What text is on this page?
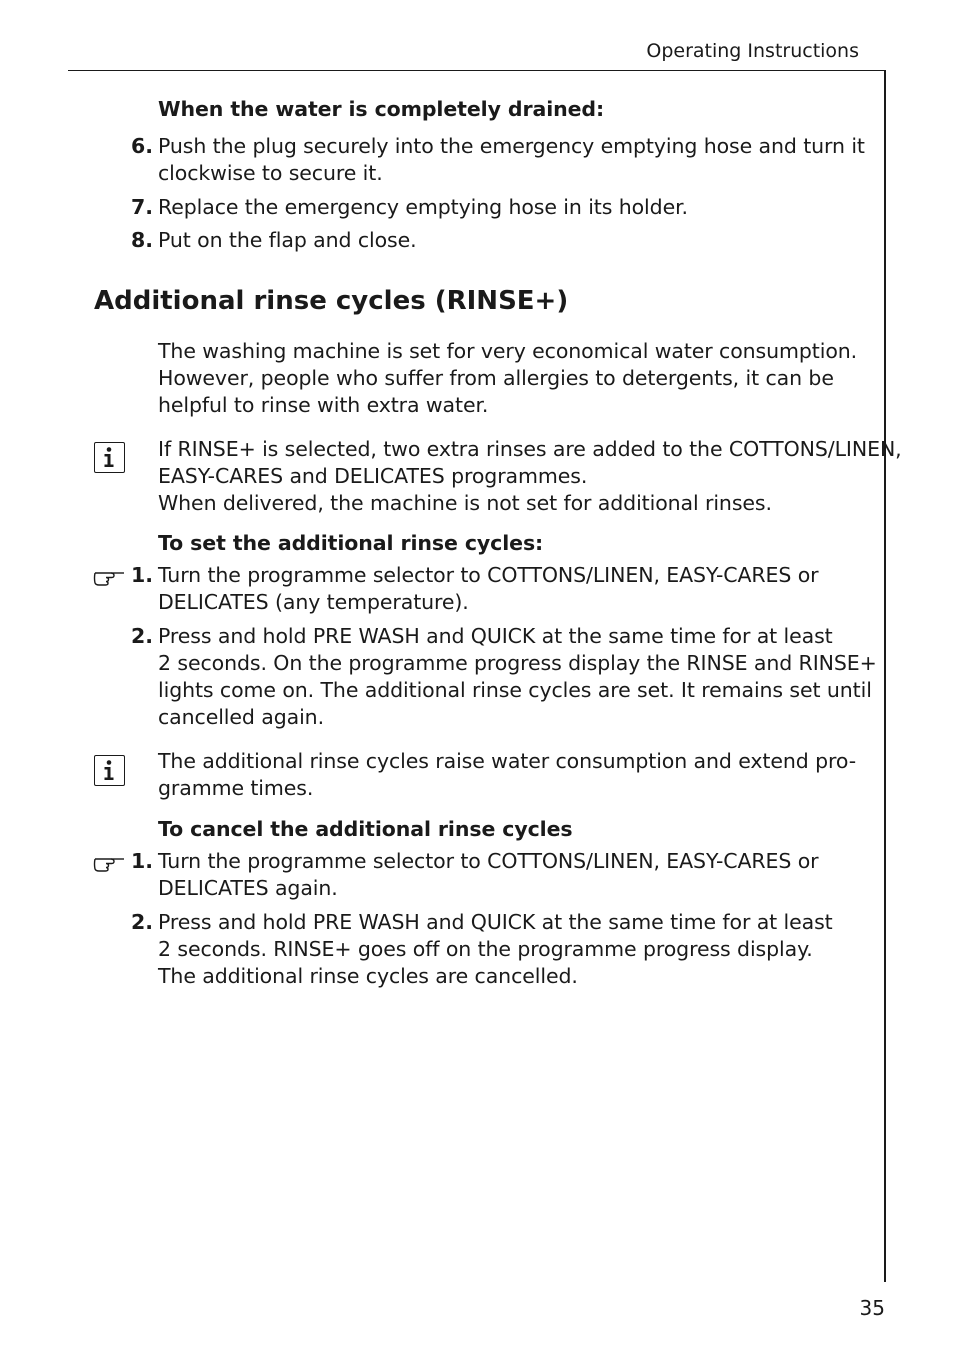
Operating Instructions
When the water is completely drained:
6. Push the plug securely into the emergency emptying hose and turn it
clockwise to secure it.
7. Replace the emergency emptying hose in its holder.
8. Put on the flap and close.
Additional rinse cycles (RINSE+)
The washing machine is set for very economical water consumption.
However, people who suffer from allergies to detergents, it can be
helpful to rinse with extra water.
If RINSE+ is selected, two extra rinses are added to the COTTONS/LINEN,
EASY-CARES and DELICATES programmes.
When delivered, the machine is not set for additional rinses.
To set the additional rinse cycles:
1. Turn the programme selector to COTTONS/LINEN, EASY-CARES or
DELICATES (any temperature).
2. Press and hold PRE WASH and QUICK at the same time for at least
2 seconds. On the programme progress display the RINSE and RINSE+
lights come on. The additional rinse cycles are set. It remains set until
cancelled again.
The additional rinse cycles raise water consumption and extend pro-
gramme times.
To cancel the additional rinse cycles
1. Turn the programme selector to COTTONS/LINEN, EASY-CARES or
DELICATES again.
2. Press and hold PRE WASH and QUICK at the same time for at least
2 seconds. RINSE+ goes off on the programme progress display.
The additional rinse cycles are cancelled.
35
